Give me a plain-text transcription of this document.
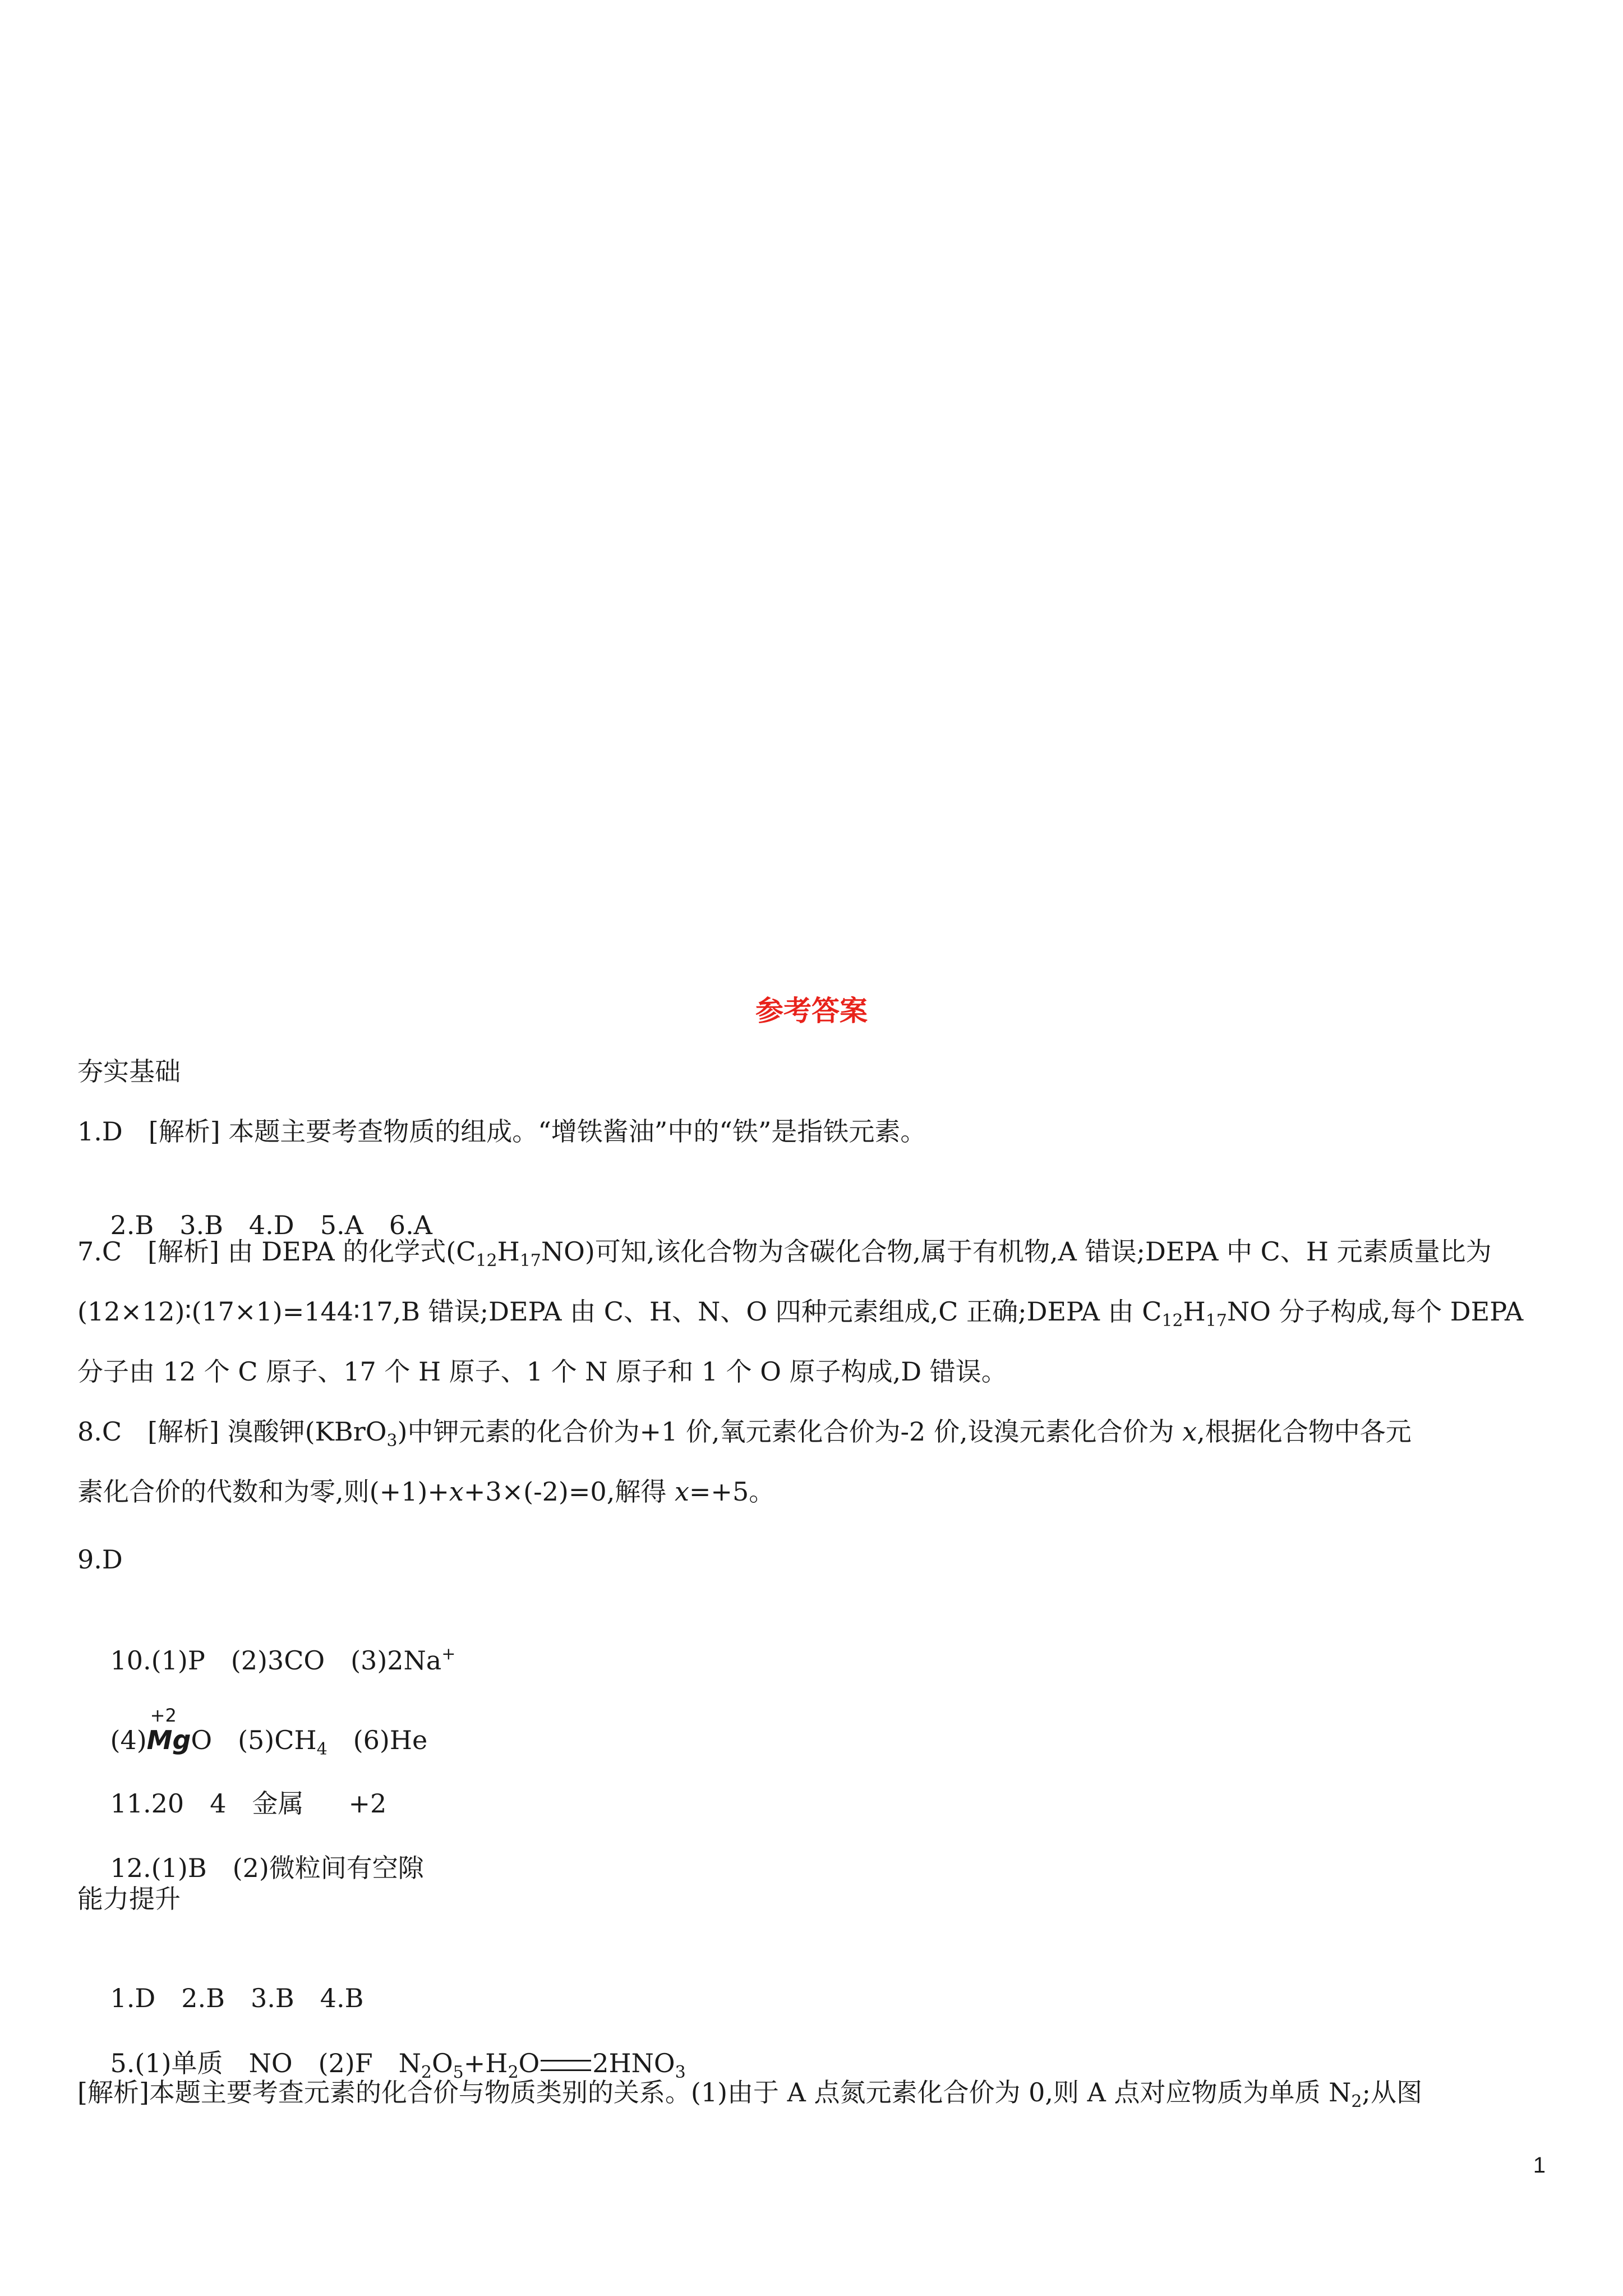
参考答案
夯实基础
1.D　[解析] 本题主要考查物质的组成。“增铁酱油”中的“铁”是指铁元素。

2.B 3.B 4.D 5.A 6.A

7.C　[解析] 由 DEPA 的化学式$(C_{12}H_{17}NO)$可知,该化合物为含碳化合物,属于有机物,A 错误;DEPA 中 C、H 元素质量比为
(12×12)∶(17×1)=144∶17,B 错误;DEPA 由 C、H、N、O 四种元素组成,C 正确;DEPA 由 $C_{12}H_{17}NO$ 分子构成,每个 DEPA
分子由 12 个 C 原子、17 个 H 原子、1 个 N 原子和 1 个 O 原子构成,D 错误。
8.C　[解析] 溴酸钾(KBrO$_3$)中钾元素的化合价为+1 价,氧元素化合价为-2 价,设溴元素化合价为 x,根据化合物中各元
素化合价的代数和为零,则(+1)+x+3×(-2)=0,解得 x=+5。
9.D

10.(1)P (2)3CO (3)2Na+

(4)
+2
MgO $(5)CH_4$ (6)He

11.20 4 金属 +2

12.(1)B (2)微粒间有空隙

能力提升

1.D 2.B 3.B 4.B

5.(1)单质 NO (2)F $N_2O_5+H_2O$ $2HNO_3$

[解析]本题主要考查元素的化合价与物质类别的关系。(1)由于 A 点氮元素化合价为 0,则 A 点对应物质为单质 $N_2$;从图
1
